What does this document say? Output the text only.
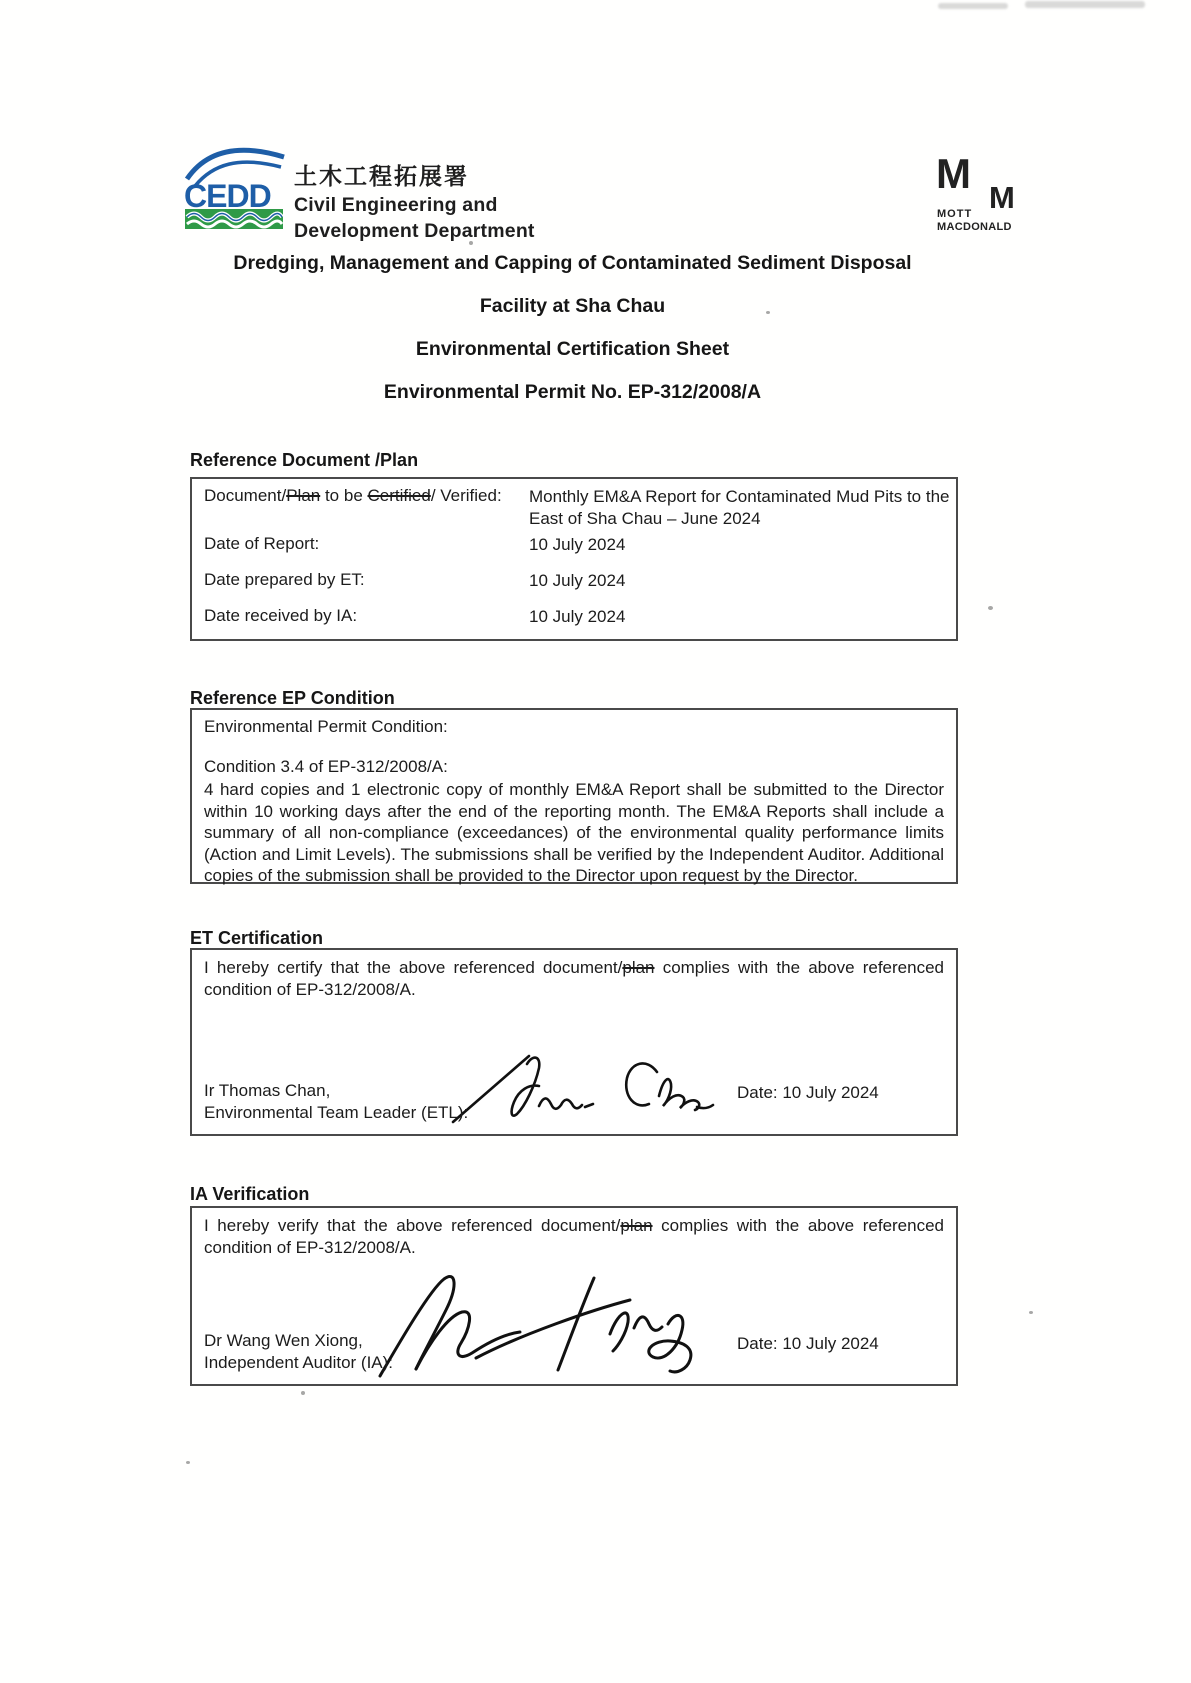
CEDD
土木工程拓展署
Civil Engineering and
Development Department
M
M
MOTT
MACDONALD
Dredging, Management and Capping of Contaminated Sediment Disposal
Facility at Sha Chau
Environmental Certification Sheet
Environmental Permit No. EP-312/2008/A
Reference Document /Plan
Document/Plan to be Certified/ Verified:	Monthly EM&A Report for Contaminated Mud Pits to the East of Sha Chau – June 2024
Date of Report:	10 July 2024
Date prepared by ET:	10 July 2024
Date received by IA:	10 July 2024
Reference EP Condition
Environmental Permit Condition:
Condition 3.4 of EP-312/2008/A:
4 hard copies and 1 electronic copy of monthly EM&A Report shall be submitted to the Director within 10 working days after the end of the reporting month. The EM&A Reports shall include a summary of all non-compliance (exceedances) of the environmental quality performance limits (Action and Limit Levels). The submissions shall be verified by the Independent Auditor. Additional copies of the submission shall be provided to the Director upon request by the Director.
ET Certification
I hereby certify that the above referenced document/plan complies with the above referenced condition of EP-312/2008/A.
Ir Thomas Chan,
Environmental Team Leader (ETL):
Date: 10 July 2024
IA Verification
I hereby verify that the above referenced document/plan complies with the above referenced condition of EP-312/2008/A.
Dr Wang Wen Xiong,
Independent Auditor (IA):
Date: 10 July 2024
